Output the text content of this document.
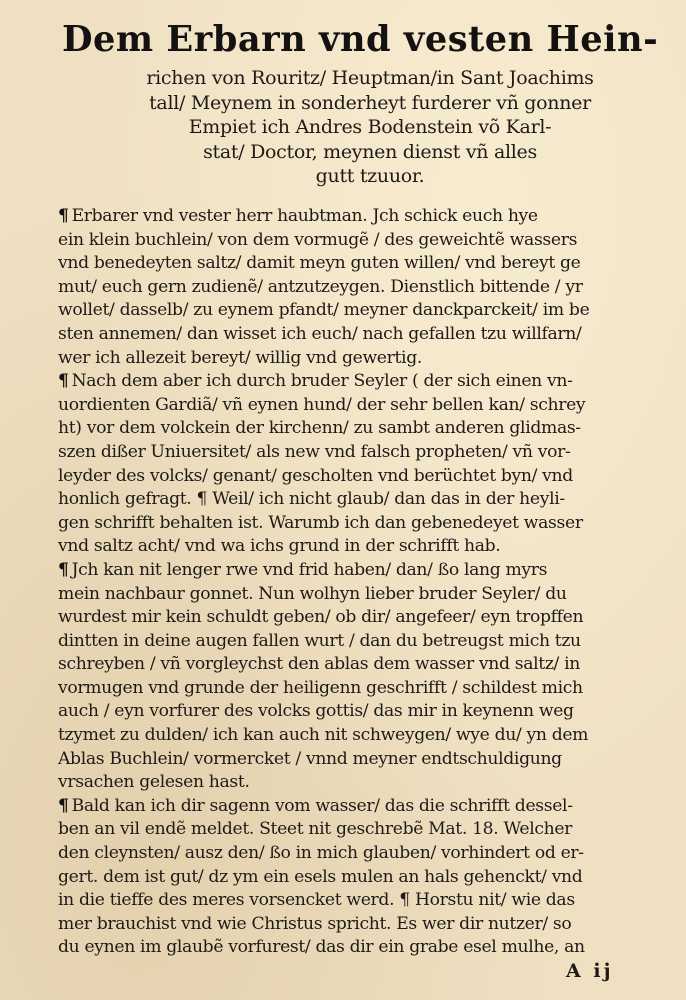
Dem Erbarn vnd vesten Hein-
richen von Rouritz/ Heuptman/in Sant Joachims
tall/ Meynem in sonderheyt furderer vñ gonner
Empiet ich Andres Bodenstein võ Karl-
stat/ Doctor, meynen dienst vñ alles
gutt tzuuor.
¶ Erbarer vnd vester herr haubtman. Jch schick euch hye
ein klein buchlein/ von dem vormugẽ / des geweichtẽ wassers
vnd benedeyten saltz/ damit meyn guten willen/ vnd bereyt ge
mut/ euch gern zudienẽ/ antzutzeygen. Dienstlich bittende / yr
wollet/ dasselb/ zu eynem pfandt/ meyner danckparckeit/ im be
sten annemen/ dan wisset ich euch/ nach gefallen tzu willfarn/
wer ich allezeit bereyt/ willig vnd gewertig.
¶ Nach dem aber ich durch bruder Seyler ( der sich einen vn-
uordienten Gardiã/ vñ eynen hund/ der sehr bellen kan/ schrey
ht) vor dem volckein der kirchenn/ zu sambt anderen glidmas-
szen dißer Uniuersitet/ als new vnd falsch propheten/ vñ vor-
leyder des volcks/ genant/ gescholten vnd berüchtet byn/ vnd
honlich gefragt. ¶ Weil/ ich nicht glaub/ dan das in der heyli-
gen schrifft behalten ist. Warumb ich dan gebenedeyet wasser
vnd saltz acht/ vnd wa ichs grund in der schrifft hab.
¶ Jch kan nit lenger rwe vnd frid haben/ dan/ ßo lang myrs
mein nachbaur gonnet. Nun wolhyn lieber bruder Seyler/ du
wurdest mir kein schuldt geben/ ob dir/ angefeer/ eyn tropffen
dintten in deine augen fallen wurt / dan du betreugst mich tzu
schreyben / vñ vorgleychst den ablas dem wasser vnd saltz/ in
vormugen vnd grunde der heiligenn geschrifft / schildest mich
auch / eyn vorfurer des volcks gottis/ das mir in keynenn weg
tzymet zu dulden/ ich kan auch nit schweygen/ wye du/ yn dem
Ablas Buchlein/ vormercket / vnnd meyner endtschuldigung
vrsachen gelesen hast.
¶ Bald kan ich dir sagenn vom wasser/ das die schrifft dessel-
ben an vil endẽ meldet. Steet nit geschrebẽ Mat. 18. Welcher
den cleynsten/ ausz den/ ßo in mich glauben/ vorhindert od er-
gert. dem ist gut/ dz ym ein esels mulen an hals gehenckt/ vnd
in die tieffe des meres vorsencket werd. ¶ Horstu nit/ wie das
mer brauchist vnd wie Christus spricht. Es wer dir nutzer/ so
du eynen im glaubẽ vorfurest/ das dir ein grabe esel mulhe, an
A ij
